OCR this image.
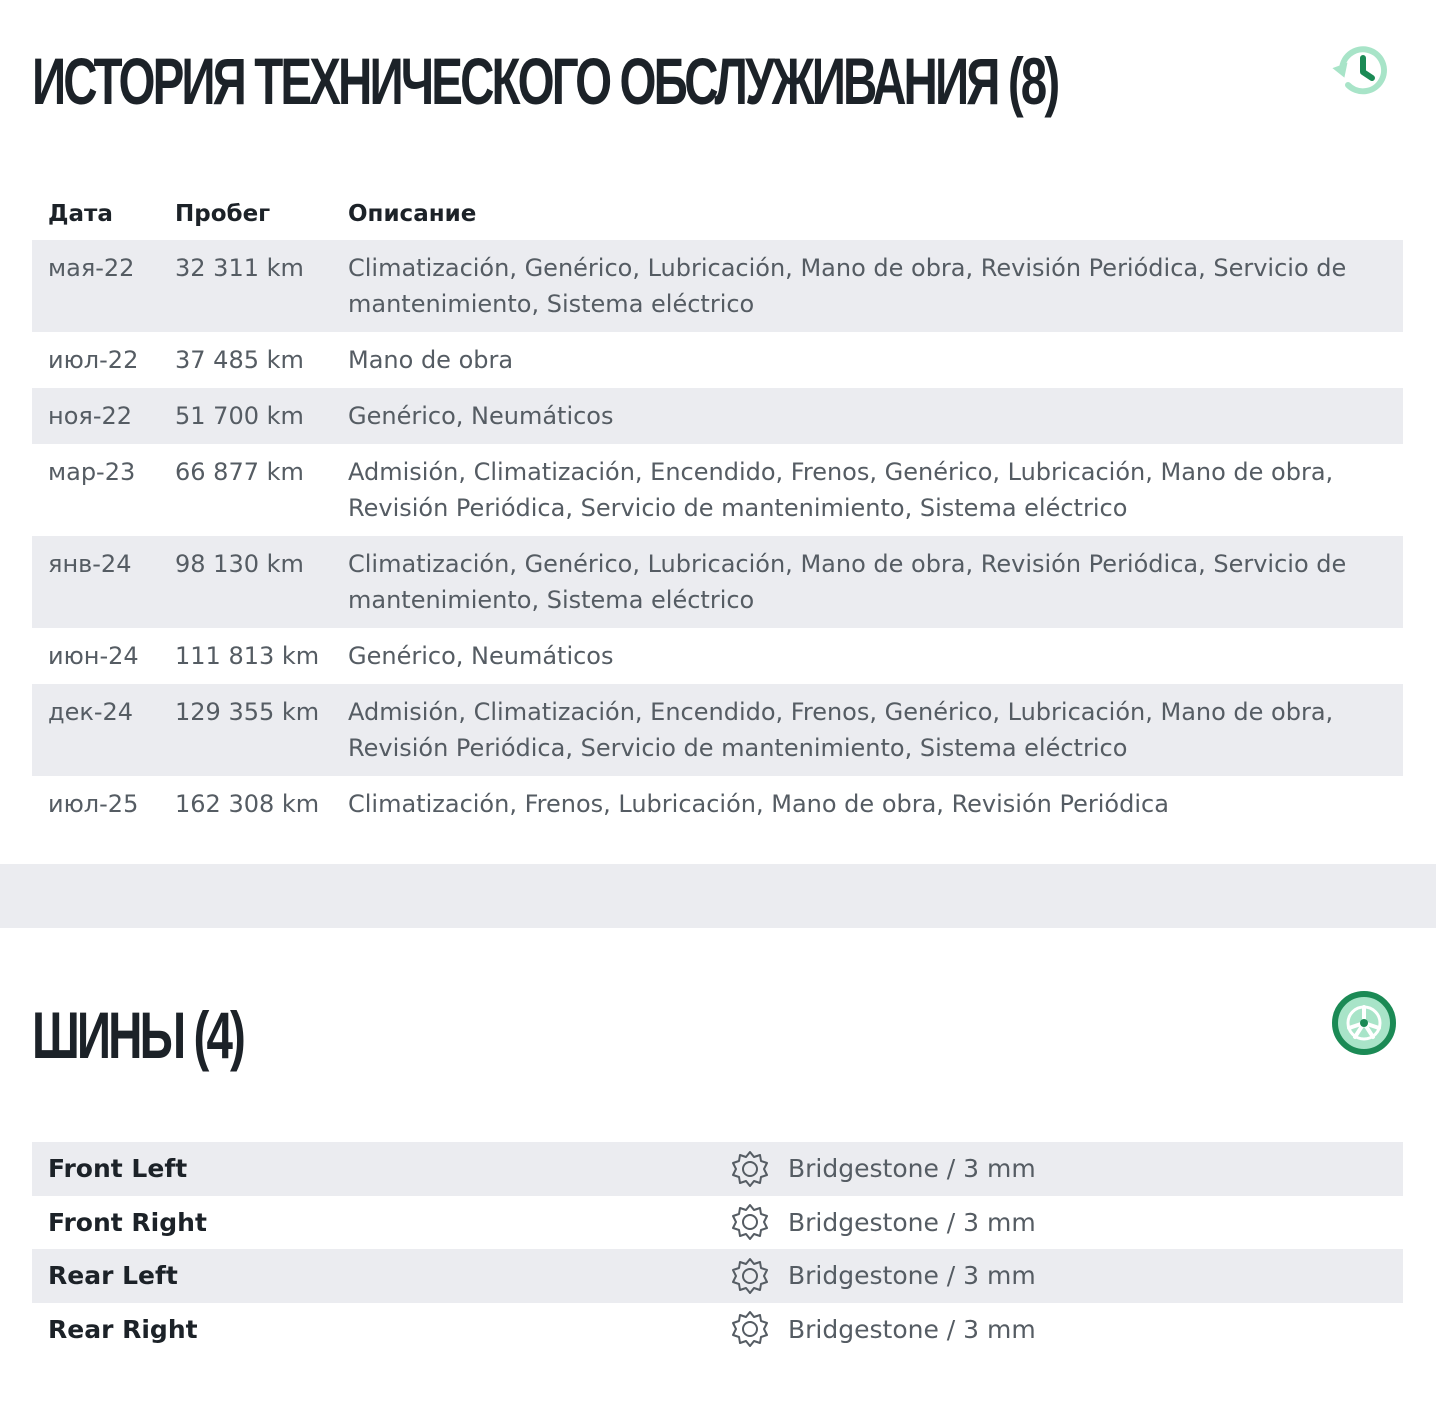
ИСТОРИЯ ТЕХНИЧЕСКОГО ОБСЛУЖИВАНИЯ (8)
Дата	Пробег	Описание
мая-22	32 311 km	Climatización, Genérico, Lubricación, Mano de obra, Revisión Periódica, Servicio de mantenimiento, Sistema eléctrico
июл-22	37 485 km	Mano de obra
ноя-22	51 700 km	Genérico, Neumáticos
мар-23	66 877 km	Admisión, Climatización, Encendido, Frenos, Genérico, Lubricación, Mano de obra, Revisión Periódica, Servicio de mantenimiento, Sistema eléctrico
янв-24	98 130 km	Climatización, Genérico, Lubricación, Mano de obra, Revisión Periódica, Servicio de mantenimiento, Sistema eléctrico
июн-24	111 813 km	Genérico, Neumáticos
дек-24	129 355 km	Admisión, Climatización, Encendido, Frenos, Genérico, Lubricación, Mano de obra, Revisión Periódica, Servicio de mantenimiento, Sistema eléctrico
июл-25	162 308 km	Climatización, Frenos, Lubricación, Mano de obra, Revisión Periódica
ШИНЫ (4)
Front Left	Bridgestone / 3 mm
Front Right	Bridgestone / 3 mm
Rear Left	Bridgestone / 3 mm
Rear Right	Bridgestone / 3 mm
